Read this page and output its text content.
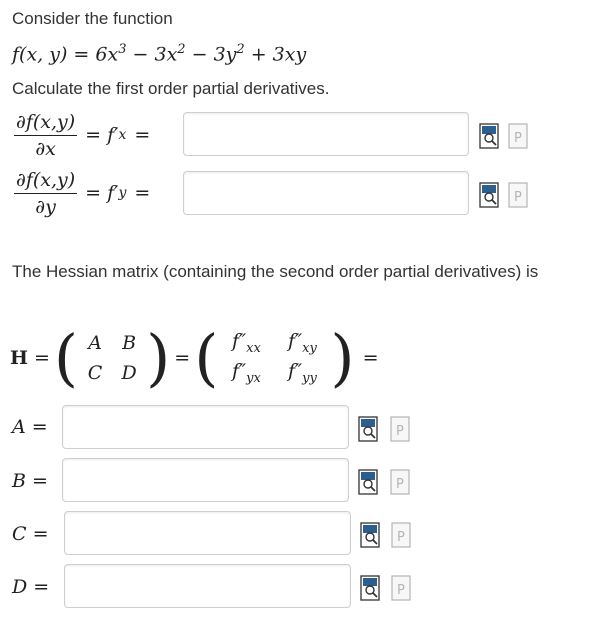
Consider the function
f(x, $y) = 6x^3 - 3x^2 - 3y^2 + 3xy$
Calculate the first order partial derivatives.
$\frac{\partial f(x,y)}{\partial x} = f'$ x =	P
$\frac{\partial f(x,y)}{\partial y} = f'$ y =	P
The Hessian matrix (containing the second order partial derivatives) is
H = ( A B
C D ) = ( $f''_{xx}$ $f''_{xy}$
$f''_{yx}$ $f''_{yy}$ ) =
A =
B =
C =
D =
P
P
P
P
